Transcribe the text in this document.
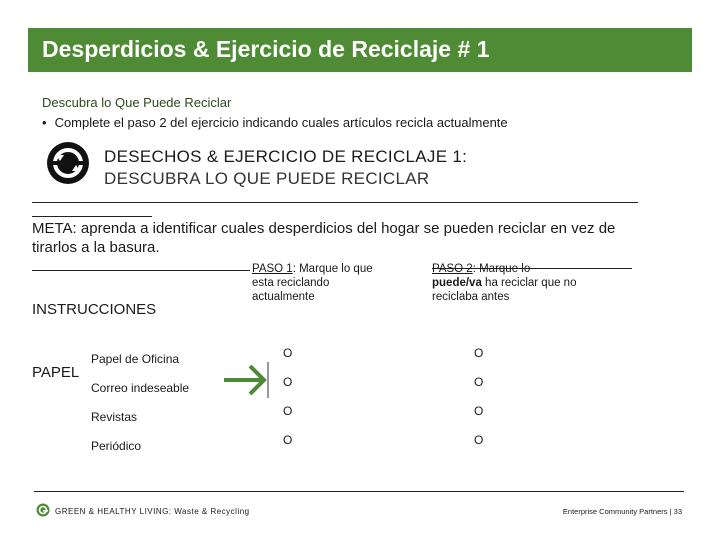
Desperdicios & Ejercicio de Reciclaje # 1
Descubra lo Que Puede Reciclar
• Complete el paso 2 del ejercicio indicando cuales artículos recicla actualmente
DESECHOS & EJERCICIO DE RECICLAJE 1:
DESCUBRA LO QUE PUEDE RECICLAR
META: aprenda a identificar cuales desperdicios del hogar se pueden reciclar en vez de tirarlos a la basura.
PASO 1: Marque lo que esta reciclando actualmente
PASO 2: Marque lo puede/va ha reciclar que no reciclaba antes
INSTRUCCIONES
PAPEL
Papel de Oficina
Correo indeseable
Revistas
Periódico
O
O
O
O
O
O
O
O
GREEN & HEALTHY LIVING: Waste & Recycling	Enterprise Community Partners | 33
